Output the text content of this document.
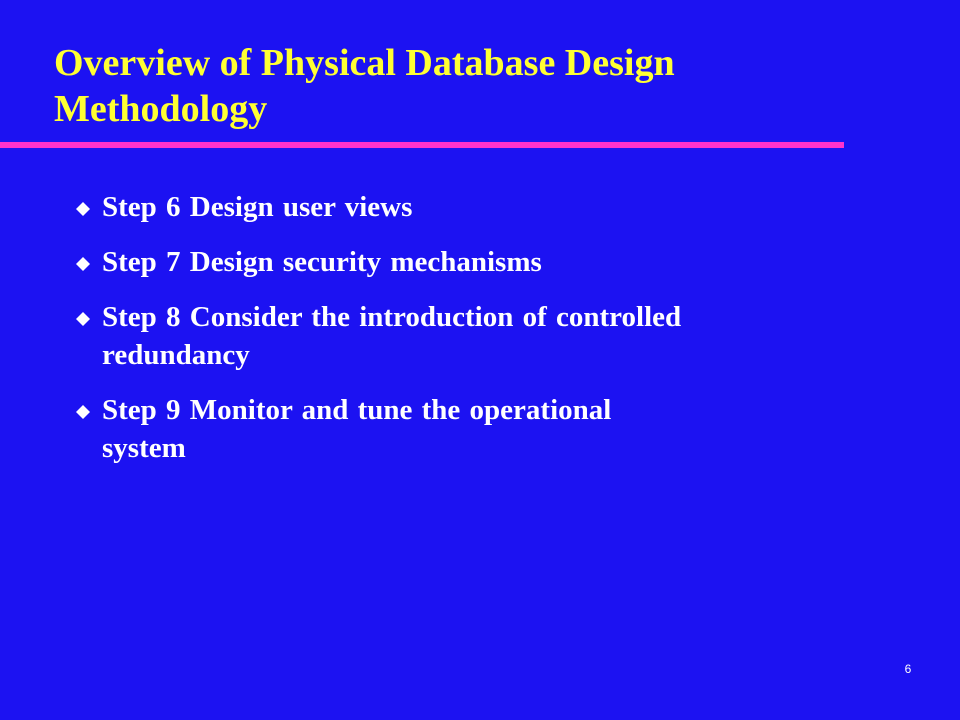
Overview of Physical Database Design
Methodology
Step 6 Design user views
Step 7 Design security mechanisms
Step 8 Consider the introduction of controlled
redundancy
Step 9 Monitor and tune the operational
system
6
